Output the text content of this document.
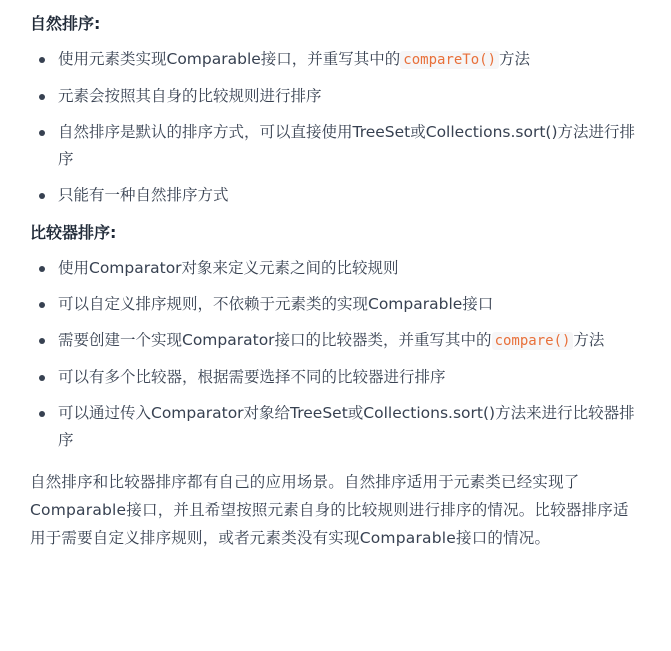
自然排序:
使用元素类实现Comparable接口，并重写其中的 compareTo() 方法
元素会按照其自身的比较规则进行排序
自然排序是默认的排序方式，可以直接使用TreeSet或Collections.sort()方法进行排序
只能有一种自然排序方式
比较器排序:
使用Comparator对象来定义元素之间的比较规则
可以自定义排序规则，不依赖于元素类的实现Comparable接口
需要创建一个实现Comparator接口的比较器类，并重写其中的 compare() 方法
可以有多个比较器，根据需要选择不同的比较器进行排序
可以通过传入Comparator对象给TreeSet或Collections.sort()方法来进行比较器排序

自然排序和比较器排序都有自己的应用场景。自然排序适用于元素类已经实现了Comparable接口，并且希望按照元素自身的比较规则进行排序的情况。比较器排序适用于需要自定义排序规则，或者元素类没有实现Comparable接口的情况。
